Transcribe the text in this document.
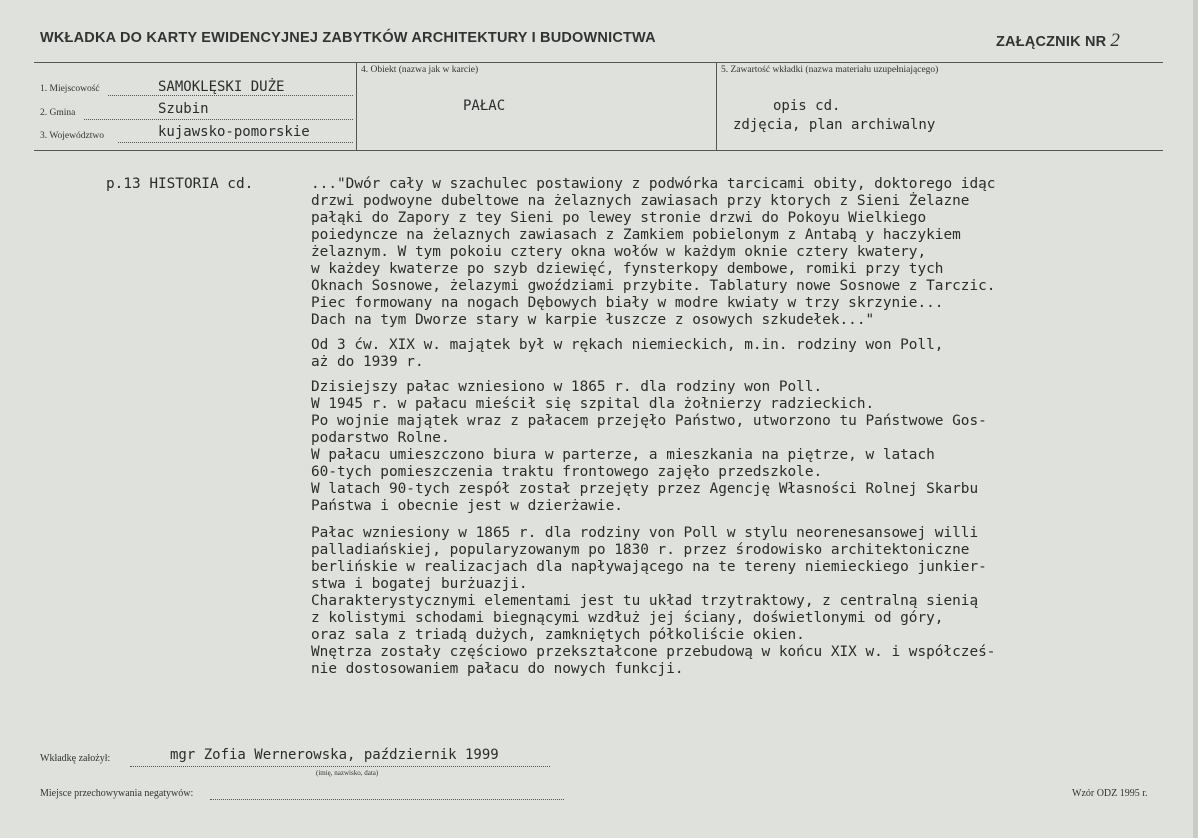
WKŁADKA DO KARTY EWIDENCYJNEJ ZABYTKÓW ARCHITEKTURY I BUDOWNICTWA	ZAŁĄCZNIK NR 2
1. Miejscowość	SAMOKLĘSKI DUŻE
2. Gmina	Szubin
3. Województwo	kujawsko-pomorskie
4. Obiekt (nazwa jak w karcie)
PAŁAC
5. Zawartość wkładki (nazwa materiału uzupełniającego)
opis cd.
zdjęcia, plan archiwalny
p.13 HISTORIA cd.	..."Dwór cały w szachulec postawiony z podwórka tarcicami obity, doktorego idąc
drzwi podwoyne dubeltowe na żelaznych zawiasach przy ktorych z Sieni Żelazne
pałąki do Zapory z tey Sieni po lewey stronie drzwi do Pokoyu Wielkiego
poiedyncze na żelaznych zawiasach z Zamkiem pobielonym z Antabą y haczykiem
żelaznym. W tym pokoiu cztery okna wołów w każdym oknie cztery kwatery,
w każdey kwaterze po szyb dziewięć, fynsterkopy dembowe, romiki przy tych
Oknach Sosnowe, żelazymi gwoździami przybite. Tablatury nowe Sosnowe z Tarczic.
Piec formowany na nogach Dębowych biały w modre kwiaty w trzy skrzynie...
Dach na tym Dworze stary w karpie łuszcze z osowych szkudełek..."
Od 3 ćw. XIX w. majątek był w rękach niemieckich, m.in. rodziny won Poll,
aż do 1939 r.
Dzisiejszy pałac wzniesiono w 1865 r. dla rodziny won Poll.
W 1945 r. w pałacu mieścił się szpital dla żołnierzy radzieckich.
Po wojnie majątek wraz z pałacem przejęło Państwo, utworzono tu Państwowe Gos-
podarstwo Rolne.
W pałacu umieszczono biura w parterze, a mieszkania na piętrze, w latach
60-tych pomieszczenia traktu frontowego zajęło przedszkole.
W latach 90-tych zespół został przejęty przez Agencję Własności Rolnej Skarbu
Państwa i obecnie jest w dzierżawie.
Pałac wzniesiony w 1865 r. dla rodziny von Poll w stylu neorenesansowej willi
palladiańskiej, popularyzowanym po 1830 r. przez środowisko architektoniczne
berlińskie w realizacjach dla napływającego na te tereny niemieckiego junkier-
stwa i bogatej burżuazji.
Charakterystycznymi elementami jest tu układ trzytraktowy, z centralną sienią
z kolistymi schodami biegnącymi wzdłuż jej ściany, doświetlonymi od góry,
oraz sala z triadą dużych, zamkniętych półkoliście okien.
Wnętrza zostały częściowo przekształcone przebudową w końcu XIX w. i współcześ-
nie dostosowaniem pałacu do nowych funkcji.
Wkładkę założył:	mgr Zofia Wernerowska, październik 1999
(imię, nazwisko, data)
Miejsce przechowywania negatywów:	Wzór ODZ 1995 r.
